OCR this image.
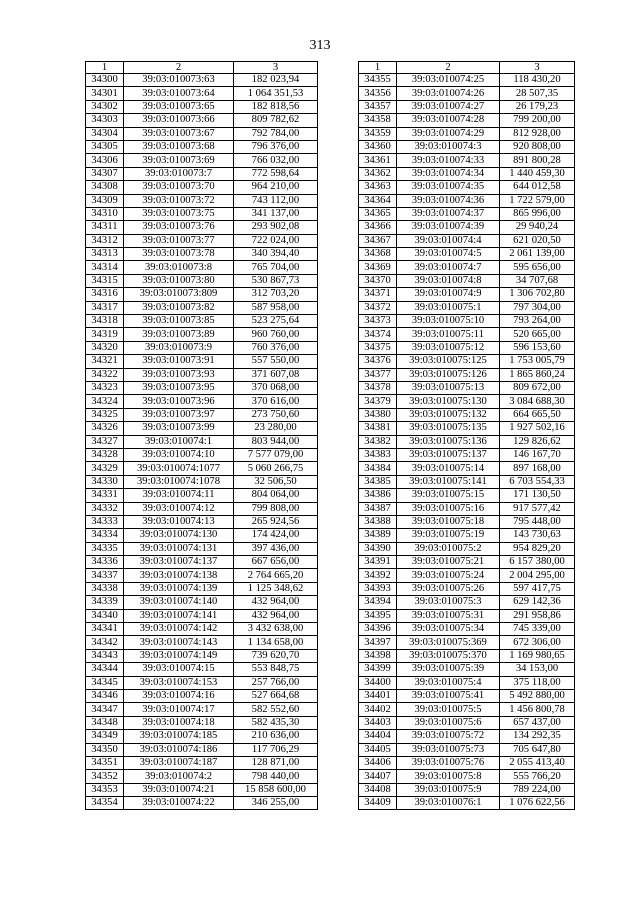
313
1	2	3
34300	39:03:010073:63	182 023,94
34301	39:03:010073:64	1 064 351,53
34302	39:03:010073:65	182 818,56
34303	39:03:010073:66	809 782,62
34304	39:03:010073:67	792 784,00
34305	39:03:010073:68	796 376,00
34306	39:03:010073:69	766 032,00
34307	39:03:010073:7	772 598,64
34308	39:03:010073:70	964 210,00
34309	39:03:010073:72	743 112,00
34310	39:03:010073:75	341 137,00
34311	39:03:010073:76	293 902,08
34312	39:03:010073:77	722 024,00
34313	39:03:010073:78	340 394,40
34314	39:03:010073:8	765 704,00
34315	39:03:010073:80	530 867,73
34316	39:03:010073:809	312 703,20
34317	39:03:010073:82	587 958,00
34318	39:03:010073:85	523 275,64
34319	39:03:010073:89	960 760,00
34320	39:03:010073:9	760 376,00
34321	39:03:010073:91	557 550,00
34322	39:03:010073:93	371 607,08
34323	39:03:010073:95	370 068,00
34324	39:03:010073:96	370 616,00
34325	39:03:010073:97	273 750,60
34326	39:03:010073:99	23 280,00
34327	39:03:010074:1	803 944,00
34328	39:03:010074:10	7 577 079,00
34329	39:03:010074:1077	5 060 266,75
34330	39:03:010074:1078	32 506,50
34331	39:03:010074:11	804 064,00
34332	39:03:010074:12	799 808,00
34333	39:03:010074:13	265 924,56
34334	39:03:010074:130	174 424,00
34335	39:03:010074:131	397 436,00
34336	39:03:010074:137	667 656,00
34337	39:03:010074:138	2 764 665,20
34338	39:03:010074:139	1 125 348,62
34339	39:03:010074:140	432 964,00
34340	39:03:010074:141	432 964,00
34341	39:03:010074:142	3 432 638,00
34342	39:03:010074:143	1 134 658,00
34343	39:03:010074:149	739 620,70
34344	39:03:010074:15	553 848,75
34345	39:03:010074:153	257 766,00
34346	39:03:010074:16	527 664,68
34347	39:03:010074:17	582 552,60
34348	39:03:010074:18	582 435,30
34349	39:03:010074:185	210 636,00
34350	39:03:010074:186	117 706,29
34351	39:03:010074:187	128 871,00
34352	39:03:010074:2	798 440,00
34353	39:03:010074:21	15 858 600,00
34354	39:03:010074:22	346 255,00
1	2	3
34355	39:03:010074:25	118 430,20
34356	39:03:010074:26	28 507,35
34357	39:03:010074:27	26 179,23
34358	39:03:010074:28	799 200,00
34359	39:03:010074:29	812 928,00
34360	39:03:010074:3	920 808,00
34361	39:03:010074:33	891 800,28
34362	39:03:010074:34	1 440 459,30
34363	39:03:010074:35	644 012,58
34364	39:03:010074:36	1 722 579,00
34365	39:03:010074:37	865 996,00
34366	39:03:010074:39	29 940,24
34367	39:03:010074:4	621 020,50
34368	39:03:010074:5	2 061 139,00
34369	39:03:010074:7	595 656,00
34370	39:03:010074:8	34 707,68
34371	39:03:010074:9	1 306 702,80
34372	39:03:010075:1	797 304,00
34373	39:03:010075:10	793 264,00
34374	39:03:010075:11	520 665,00
34375	39:03:010075:12	596 153,60
34376	39:03:010075:125	1 753 005,79
34377	39:03:010075:126	1 865 860,24
34378	39:03:010075:13	809 672,00
34379	39:03:010075:130	3 084 688,30
34380	39:03:010075:132	664 665,50
34381	39:03:010075:135	1 927 502,16
34382	39:03:010075:136	129 826,62
34383	39:03:010075:137	146 167,70
34384	39:03:010075:14	897 168,00
34385	39:03:010075:141	6 703 554,33
34386	39:03:010075:15	171 130,50
34387	39:03:010075:16	917 577,42
34388	39:03:010075:18	795 448,00
34389	39:03:010075:19	143 730,63
34390	39:03:010075:2	954 829,20
34391	39:03:010075:21	6 157 380,00
34392	39:03:010075:24	2 004 295,00
34393	39:03:010075:26	597 417,75
34394	39:03:010075:3	629 142,36
34395	39:03:010075:31	291 958,86
34396	39:03:010075:34	745 339,00
34397	39:03:010075:369	672 306,00
34398	39:03:010075:370	1 169 980,65
34399	39:03:010075:39	34 153,00
34400	39:03:010075:4	375 118,00
34401	39:03:010075:41	5 492 880,00
34402	39:03:010075:5	1 456 800,78
34403	39:03:010075:6	657 437,00
34404	39:03:010075:72	134 292,35
34405	39:03:010075:73	705 647,80
34406	39:03:010075:76	2 055 413,40
34407	39:03:010075:8	555 766,20
34408	39:03:010075:9	789 224,00
34409	39:03:010076:1	1 076 622,56
